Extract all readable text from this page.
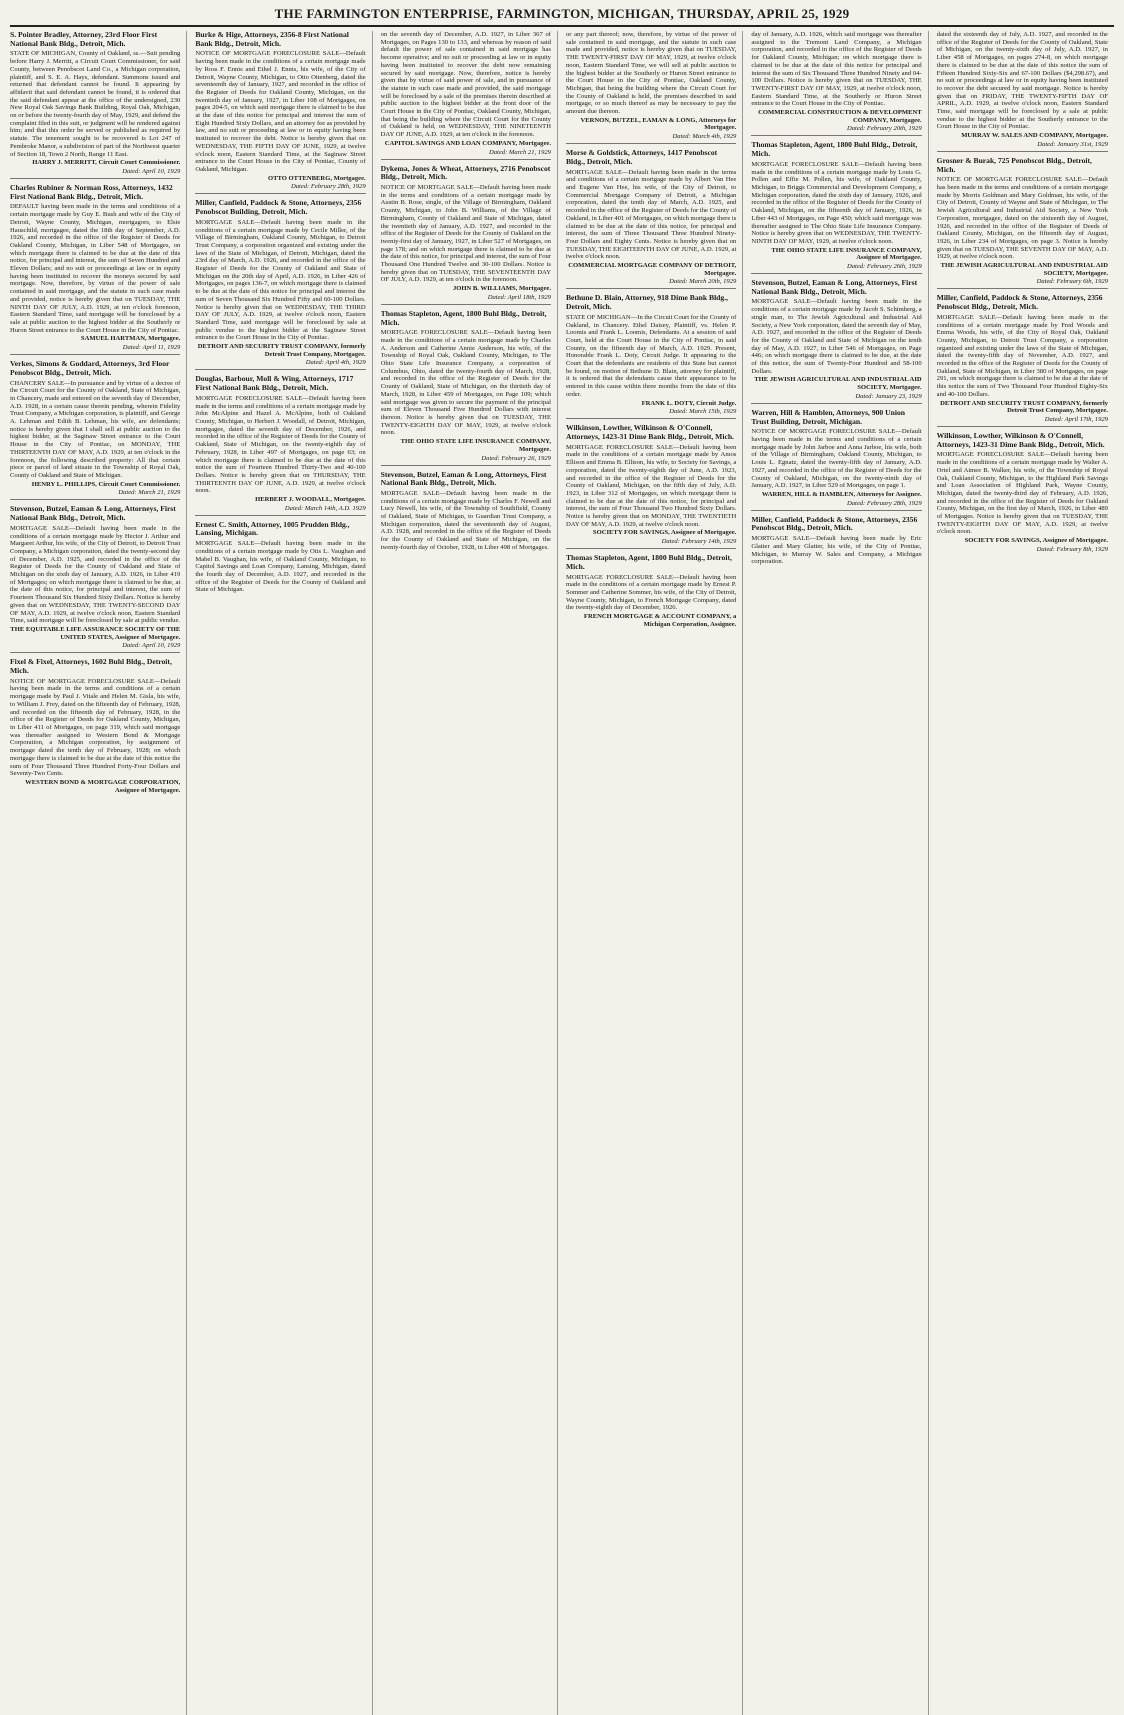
THE FARMINGTON ENTERPRISE, FARMINGTON, MICHIGAN, THURSDAY, APRIL 25, 1929

S. Pointer Bradley, Attorney, 23rd Floor First National Bank Bldg., Detroit, Mich.

STATE OF MICHIGAN, County of Oakland, ss.—Suit pending before Harry J. Merritt, a Circuit Court Commissioner, for said County, between Penobscot Land Co., a Michigan corporation, plaintiff, and S. E. A. Hays, defendant. Summons issued and returned that defendant cannot be found. It appearing by affidavit that said defendant cannot be found, it is ordered that the said defendant appear at the office of the undersigned, 230 New Royal Oak Savings Bank Building, Royal Oak, Michigan, on or before the twenty-fourth day of May, 1929, and defend the complaint filed in this suit, or judgment will be rendered against him; and that this order be served or published as required by statute. The tenement sought to be recovered is Lot 247 of Pembroke Manor, a subdivision of part of the Northwest quarter of Section 18, Town 2 North, Range 11 East.

HARRY J. MERRITT, Circuit Court Commissioner.

Dated: April 10, 1929

Charles Rubiner & Norman Ross, Attorneys, 1432 First National Bank Bldg., Detroit, Mich.

DEFAULT having been made in the terms and conditions of a certain mortgage made by Guy E. Bush and wife of the City of Detroit, Wayne County, Michigan, mortgagors, to Elsie Hauschild, mortgagee, dated the 18th day of September, A.D. 1926, and recorded in the office of the Register of Deeds for Oakland County, Michigan, in Liber 548 of Mortgages, on which mortgage there is claimed to be due at the date of this notice, for principal and interest, the sum of Seven Hundred and Eleven Dollars; and no suit or proceedings at law or in equity having been instituted to recover the moneys secured by said mortgage. Now, therefore, by virtue of the power of sale contained in said mortgage, and the statute in such case made and provided, notice is hereby given that on TUESDAY, THE NINTH DAY OF JULY, A.D. 1929, at ten o'clock forenoon, Eastern Standard Time, said mortgage will be foreclosed by a sale at public auction to the highest bidder at the Southerly or Huron Street entrance to the Court House in the City of Pontiac.

SAMUEL HARTMAN, Mortgagee.

Dated: April 11, 1929

Verkes, Simons & Goddard, Attorneys, 3rd Floor Penobscot Bldg., Detroit, Mich.

CHANCERY SALE—In pursuance and by virtue of a decree of the Circuit Court for the County of Oakland, State of Michigan, in Chancery, made and entered on the seventh day of December, A.D. 1928, in a certain cause therein pending, wherein Fidelity Trust Company, a Michigan corporation, is plaintiff, and George A. Lehman and Edith B. Lehman, his wife, are defendants; notice is hereby given that I shall sell at public auction to the highest bidder, at the Saginaw Street entrance to the Court House in the City of Pontiac, on MONDAY, THE THIRTEENTH DAY OF MAY, A.D. 1929, at ten o'clock in the forenoon, the following described property: All that certain piece or parcel of land situate in the Township of Royal Oak, County of Oakland and State of Michigan.

HENRY L. PHILLIPS, Circuit Court Commissioner.

Dated: March 21, 1929

Stevenson, Butzel, Eaman & Long, Attorneys, First National Bank Bldg., Detroit, Mich.

MORTGAGE SALE—Default having been made in the conditions of a certain mortgage made by Hector J. Arthur and Margaret Arthur, his wife, of the City of Detroit, to Detroit Trust Company, a Michigan corporation, dated the twenty-second day of December, A.D. 1925, and recorded in the office of the Register of Deeds for the County of Oakland and State of Michigan on the sixth day of January, A.D. 1926, in Liber 419 of Mortgages; on which mortgage there is claimed to be due, at the date of this notice, for principal and interest, the sum of Fourteen Thousand Six Hundred Sixty Dollars. Notice is hereby given that on WEDNESDAY, THE TWENTY-SECOND DAY OF MAY, A.D. 1929, at twelve o'clock noon, Eastern Standard Time, said mortgage will be foreclosed by sale at public vendue.

THE EQUITABLE LIFE ASSURANCE SOCIETY OF THE UNITED STATES, Assignee of Mortgagee.

Dated: April 10, 1929

Fixel & Fixel, Attorneys, 1602 Buhl Bldg., Detroit, Mich.

NOTICE OF MORTGAGE FORECLOSURE SALE—Default having been made in the terms and conditions of a certain mortgage made by Paul J. Vitale and Helen M. Gisla, his wife, to William J. Frey, dated on the fifteenth day of February, 1928, and recorded on the fifteenth day of February, 1928, in the office of the Register of Deeds for Oakland County, Michigan, in Liber 411 of Mortgages, on page 319, which said mortgage was thereafter assigned to Western Bond & Mortgage Corporation, a Michigan corporation, by assignment of mortgage dated the tenth day of February, 1928; on which mortgage there is claimed to be due at the date of this notice the sum of Four Thousand Three Hundred Forty-Four Dollars and Seventy-Two Cents.

WESTERN BOND & MORTGAGE CORPORATION, Assignee of Mortgagee.

Burke & Hige, Attorneys, 2356-8 First National Bank Bldg., Detroit, Mich.

NOTICE OF MORTGAGE FORECLOSURE SALE—Default having been made in the conditions of a certain mortgage made by Ross F. Ennis and Ethel J. Ennis, his wife, of the City of Detroit, Wayne County, Michigan, to Otto Ottenberg, dated the seventeenth day of January, 1927, and recorded in the office of the Register of Deeds for Oakland County, Michigan, on the twentieth day of January, 1927, in Liber 108 of Mortgages, on pages 204-5, on which said mortgage there is claimed to be due at the date of this notice for principal and interest the sum of Eight Hundred Sixty Dollars, and an attorney fee as provided by law, and no suit or proceeding at law or in equity having been instituted to recover the debt. Notice is hereby given that on WEDNESDAY, THE FIFTH DAY OF JUNE, 1929, at twelve o'clock noon, Eastern Standard Time, at the Saginaw Street entrance to the Court House in the City of Pontiac, County of Oakland, Michigan.

OTTO OTTENBERG, Mortgagee.

Dated: February 28th, 1929

Miller, Canfield, Paddock & Stone, Attorneys, 2356 Penobscot Building, Detroit, Mich.

MORTGAGE SALE—Default having been made in the conditions of a certain mortgage made by Cecile Miller, of the Village of Birmingham, Oakland County, Michigan, to Detroit Trust Company, a corporation organized and existing under the laws of the State of Michigan, of Detroit, Michigan, dated the 23rd day of March, A.D. 1926, and recorded in the office of the Register of Deeds for the County of Oakland and State of Michigan on the 20th day of April, A.D. 1926, in Liber 426 of Mortgages, on pages 136-7, on which mortgage there is claimed to be due at the date of this notice for principal and interest the sum of Seven Thousand Six Hundred Fifty and 60-100 Dollars. Notice is hereby given that on WEDNESDAY, THE THIRD DAY OF JULY, A.D. 1929, at twelve o'clock noon, Eastern Standard Time, said mortgage will be foreclosed by sale at public vendue to the highest bidder at the Saginaw Street entrance to the Court House in the City of Pontiac.

DETROIT AND SECURITY TRUST COMPANY, formerly Detroit Trust Company, Mortgagee.

Dated: April 4th, 1929

Douglas, Barbour, Moll & Wing, Attorneys, 1717 First National Bank Bldg., Detroit, Mich.

MORTGAGE FORECLOSURE SALE—Default having been made in the terms and conditions of a certain mortgage made by John McAlpine and Hazel A. McAlpine, both of Oakland County, Michigan, to Herbert J. Woodall, of Detroit, Michigan, mortgagee, dated the seventh day of December, 1926, and recorded in the office of the Register of Deeds for the County of Oakland, State of Michigan, on the twenty-eighth day of February, 1928, in Liber 497 of Mortgages, on page 63; on which mortgage there is claimed to be due at the date of this notice the sum of Fourteen Hundred Thirty-Two and 40-100 Dollars. Notice is hereby given that on THURSDAY, THE THIRTEENTH DAY OF JUNE, A.D. 1929, at twelve o'clock noon.

HERBERT J. WOODALL, Mortgagee.

Dated: March 14th, A.D. 1929

Ernest C. Smith, Attorney, 1005 Prudden Bldg., Lansing, Michigan.

MORTGAGE SALE—Default having been made in the conditions of a certain mortgage made by Otis L. Vaughan and Mabel B. Vaughan, his wife, of Oakland County, Michigan, to Capitol Savings and Loan Company, Lansing, Michigan, dated the fourth day of December, A.D. 1927, and recorded in the office of the Register of Deeds for the County of Oakland and State of Michigan.

on the seventh day of December, A.D. 1927, in Liber 367 of Mortgages, on Pages 130 to 133, and whereas by reason of said default the power of sale contained in said mortgage has become operative; and no suit or proceeding at law or in equity having been instituted to recover the debt now remaining secured by said mortgage. Now, therefore, notice is hereby given that by virtue of said power of sale, and in pursuance of the statute in such case made and provided, the said mortgage will be foreclosed by a sale of the premises therein described at public auction to the highest bidder at the front door of the Court House in the City of Pontiac, Oakland County, Michigan, that being the building where the Circuit Court for the County of Oakland is held, on WEDNESDAY, THE NINETEENTH DAY OF JUNE, A.D. 1929, at ten o'clock in the forenoon.

CAPITOL SAVINGS AND LOAN COMPANY, Mortgagee.

Dated: March 21, 1929

Dykema, Jones & Wheat, Attorneys, 2716 Penobscot Bldg., Detroit, Mich.

NOTICE OF MORTGAGE SALE—Default having been made in the terms and conditions of a certain mortgage made by Austin B. Rose, single, of the Village of Birmingham, Oakland County, Michigan, to John B. Williams, of the Village of Birmingham, County of Oakland and State of Michigan, dated the twentieth day of January, A.D. 1927, and recorded in the office of the Register of Deeds for the County of Oakland on the twenty-first day of January, 1927, in Liber 527 of Mortgages, on page 178; and on which mortgage there is claimed to be due at the date of this notice, for principal and interest, the sum of Four Thousand One Hundred Twelve and 30-100 Dollars. Notice is hereby given that on TUESDAY, THE SEVENTEENTH DAY OF JULY, A.D. 1929, at ten o'clock in the forenoon.

JOHN B. WILLIAMS, Mortgagee.

Dated: April 18th, 1929

Thomas Stapleton, Agent, 1800 Buhl Bldg., Detroit, Mich.

MORTGAGE FORECLOSURE SALE—Default having been made in the conditions of a certain mortgage made by Charles A. Anderson and Catherine Annie Anderson, his wife, of the Township of Royal Oak, Oakland County, Michigan, to The Ohio State Life Insurance Company, a corporation of Columbus, Ohio, dated the twenty-fourth day of March, 1928, and recorded in the office of the Register of Deeds for the County of Oakland, State of Michigan, on the thirtieth day of March, 1928, in Liber 459 of Mortgages, on Page 109; which said mortgage was given to secure the payment of the principal sum of Eleven Thousand Five Hundred Dollars with interest thereon. Notice is hereby given that on TUESDAY, THE TWENTY-EIGHTH DAY OF MAY, 1929, at twelve o'clock noon.

THE OHIO STATE LIFE INSURANCE COMPANY, Mortgagee.

Dated: February 26, 1929

Stevenson, Butzel, Eaman & Long, Attorneys, First National Bank Bldg., Detroit, Mich.

MORTGAGE SALE—Default having been made in the conditions of a certain mortgage made by Charles F. Newell and Lucy Newell, his wife, of the Township of Southfield, County of Oakland, State of Michigan, to Guardian Trust Company, a Michigan corporation, dated the seventeenth day of August, A.D. 1928, and recorded in the office of the Register of Deeds for the County of Oakland and State of Michigan, on the twenty-fourth day of October, 1928, in Liber 498 of Mortgages.

or any part thereof; now, therefore, by virtue of the power of sale contained in said mortgage, and the statute in such case made and provided, notice is hereby given that on TUESDAY, THE TWENTY-FIRST DAY OF MAY, 1929, at twelve o'clock noon, Eastern Standard Time, we will sell at public auction to the highest bidder at the Southerly or Huron Street entrance to the Court House in the City of Pontiac, Oakland County, Michigan, that being the building where the Circuit Court for the County of Oakland is held, the premises described in said mortgage, or so much thereof as may be necessary to pay the amount due thereon.

VERNON, BUTZEL, EAMAN & LONG, Attorneys for Mortgagee.

Dated: March 4th, 1929

Morse & Goldstick, Attorneys, 1417 Penobscot Bldg., Detroit, Mich.

MORTGAGE SALE—Default having been made in the terms and conditions of a certain mortgage made by Albert Van Hee and Eugene Van Hee, his wife, of the City of Detroit, to Commercial Mortgage Company of Detroit, a Michigan corporation, dated the tenth day of March, A.D. 1925, and recorded in the office of the Register of Deeds for the County of Oakland, in Liber 401 of Mortgages, on which mortgage there is claimed to be due at the date of this notice, for principal and interest, the sum of Three Thousand Three Hundred Ninety-Four Dollars and Eighty Cents. Notice is hereby given that on TUESDAY, THE EIGHTEENTH DAY OF JUNE, A.D. 1929, at twelve o'clock noon.

COMMERCIAL MORTGAGE COMPANY OF DETROIT, Mortgagee.

Dated: March 20th, 1929

Bethune D. Blain, Attorney, 918 Dime Bank Bldg., Detroit, Mich.

STATE OF MICHIGAN—In the Circuit Court for the County of Oakland, in Chancery. Ethel Daisey, Plaintiff, vs. Helen P. Loomis and Frank L. Loomis, Defendants. At a session of said Court, held at the Court House in the City of Pontiac, in said County, on the fifteenth day of March, A.D. 1929. Present, Honorable Frank L. Doty, Circuit Judge. It appearing to the Court that the defendants are residents of this State but cannot be found, on motion of Bethune D. Blain, attorney for plaintiff, it is ordered that the defendants cause their appearance to be entered in this cause within three months from the date of this order.

FRANK L. DOTY, Circuit Judge.

Dated: March 15th, 1929

Wilkinson, Lowther, Wilkinson & O'Connell, Attorneys, 1423-31 Dime Bank Bldg., Detroit, Mich.

MORTGAGE FORECLOSURE SALE—Default having been made in the conditions of a certain mortgage made by Amos Ellison and Emma B. Ellison, his wife, to Society for Savings, a corporation, dated the twenty-eighth day of June, A.D. 1923, and recorded in the office of the Register of Deeds for the County of Oakland, Michigan, on the fifth day of July, A.D. 1923, in Liber 312 of Mortgages, on which mortgage there is claimed to be due at the date of this notice, for principal and interest, the sum of Four Thousand Two Hundred Sixty Dollars. Notice is hereby given that on MONDAY, THE TWENTIETH DAY OF MAY, A.D. 1929, at twelve o'clock noon.

SOCIETY FOR SAVINGS, Assignee of Mortgagee.

Dated: February 14th, 1929

Thomas Stapleton, Agent, 1800 Buhl Bldg., Detroit, Mich.

MORTGAGE FORECLOSURE SALE—Default having been made in the conditions of a certain mortgage made by Ernest P. Sommer and Catherine Sommer, his wife, of the City of Detroit, Wayne County, Michigan, to French Mortgage Company, dated the twenty-eighth day of December, 1926.

FRENCH MORTGAGE & ACCOUNT COMPANY, a Michigan Corporation, Assignee.

day of January, A.D. 1926, which said mortgage was thereafter assigned to the Tremont Land Company, a Michigan corporation, and recorded in the office of the Register of Deeds for Oakland County, Michigan; on which mortgage there is claimed to be due at the date of this notice for principal and interest the sum of Six Thousand Three Hundred Ninety and 04-100 Dollars. Notice is hereby given that on TUESDAY, THE TWENTY-FIRST DAY OF MAY, 1929, at twelve o'clock noon, Eastern Standard Time, at the Southerly or Huron Street entrance to the Court House in the City of Pontiac.

COMMERCIAL CONSTRUCTION & DEVELOPMENT COMPANY, Mortgagee.

Dated: February 20th, 1929

Thomas Stapleton, Agent, 1800 Buhl Bldg., Detroit, Mich.

MORTGAGE FORECLOSURE SALE—Default having been made in the conditions of a certain mortgage made by Louis G. Pollen and Effie M. Pollen, his wife, of Oakland County, Michigan, to Briggs Commercial and Development Company, a Michigan corporation, dated the sixth day of January, 1926, and recorded in the office of the Register of Deeds for the County of Oakland, Michigan, on the fifteenth day of January, 1926, in Liber 443 of Mortgages, on Page 450; which said mortgage was thereafter assigned to The Ohio State Life Insurance Company. Notice is hereby given that on WEDNESDAY, THE TWENTY-NINTH DAY OF MAY, 1929, at twelve o'clock noon.

THE OHIO STATE LIFE INSURANCE COMPANY, Assignee of Mortgagee.

Dated: February 26th, 1929

Stevenson, Butzel, Eaman & Long, Attorneys, First National Bank Bldg., Detroit, Mich.

MORTGAGE SALE—Default having been made in the conditions of a certain mortgage made by Jacob S. Schimberg, a single man, to The Jewish Agricultural and Industrial Aid Society, a New York corporation, dated the seventh day of May, A.D. 1927, and recorded in the office of the Register of Deeds for the County of Oakland and State of Michigan on the tenth day of May, A.D. 1927, in Liber 546 of Mortgages, on Page 446; on which mortgage there is claimed to be due, at the date of this notice, the sum of Twenty-Four Hundred and 58-100 Dollars.

THE JEWISH AGRICULTURAL AND INDUSTRIAL AID SOCIETY, Mortgagee.

Dated: January 23, 1929

Warren, Hill & Hamblen, Attorneys, 900 Union Trust Building, Detroit, Michigan.

NOTICE OF MORTGAGE FORECLOSURE SALE—Default having been made in the terms and conditions of a certain mortgage made by John Jarboe and Anna Jarboe, his wife, both of the Village of Birmingham, Oakland County, Michigan, to Louis L. Egnatz, dated the twenty-fifth day of January, A.D. 1927, and recorded in the office of the Register of Deeds for the County of Oakland, Michigan, on the twenty-ninth day of January, A.D. 1927, in Liber 529 of Mortgages, on page 1.

WARREN, HILL & HAMBLEN, Attorneys for Assignee.

Dated: February 28th, 1929

Miller, Canfield, Paddock & Stone, Attorneys, 2356 Penobscot Bldg., Detroit, Mich.

MORTGAGE SALE—Default having been made by Eric Glatter and Mary Glatter, his wife, of the City of Pontiac, Michigan, to Murray W. Sales and Company, a Michigan corporation.

dated the sixteenth day of July, A.D. 1927, and recorded in the office of the Register of Deeds for the County of Oakland, State of Michigan, on the twenty-sixth day of July, A.D. 1927, in Liber 458 of Mortgages, on pages 274-8, on which mortgage there is claimed to be due at the date of this notice the sum of Fifteen Hundred Sixty-Six and 67-100 Dollars ($4,298.67), and no suit or proceedings at law or in equity having been instituted to recover the debt secured by said mortgage. Notice is hereby given that on FRIDAY, THE TWENTY-FIFTH DAY OF APRIL, A.D. 1929, at twelve o'clock noon, Eastern Standard Time, said mortgage will be foreclosed by a sale at public vendue to the highest bidder at the Southerly entrance to the Court House in the City of Pontiac.

MURRAY W. SALES AND COMPANY, Mortgagee.

Dated: January 31st, 1929

Grosner & Burak, 725 Penobscot Bldg., Detroit, Mich.

NOTICE OF MORTGAGE FORECLOSURE SALE—Default has been made in the terms and conditions of a certain mortgage made by Morris Goldman and Mary Goldman, his wife, of the City of Detroit, County of Wayne and State of Michigan, to The Jewish Agricultural and Industrial Aid Society, a New York Corporation, mortgagee, dated on the sixteenth day of August, 1926, and recorded in the office of the Register of Deeds of Oakland County, Michigan, on the fifteenth day of August, 1926, in Liber 234 of Mortgages, on page 3. Notice is hereby given that on TUESDAY, THE SEVENTH DAY OF MAY, A.D. 1929, at twelve o'clock noon.

THE JEWISH AGRICULTURAL AND INDUSTRIAL AID SOCIETY, Mortgagee.

Dated: February 6th, 1929

Miller, Canfield, Paddock & Stone, Attorneys, 2356 Penobscot Bldg., Detroit, Mich.

MORTGAGE SALE—Default having been made in the conditions of a certain mortgage made by Fred Woods and Emma Woods, his wife, of the City of Royal Oak, Oakland County, Michigan, to Detroit Trust Company, a corporation organized and existing under the laws of the State of Michigan, dated the twenty-fifth day of November, A.D. 1927, and recorded in the office of the Register of Deeds for the County of Oakland, State of Michigan, in Liber 380 of Mortgages, on page 291, on which mortgage there is claimed to be due at the date of this notice the sum of Two Thousand Four Hundred Eighty-Six and 40-100 Dollars.

DETROIT AND SECURITY TRUST COMPANY, formerly Detroit Trust Company, Mortgagee.

Dated: April 17th, 1929

Wilkinson, Lowther, Wilkinson & O'Connell, Attorneys, 1423-31 Dime Bank Bldg., Detroit, Mich.

MORTGAGE FORECLOSURE SALE—Default having been made in the conditions of a certain mortgage made by Walter A. Ortel and Aimee B. Walker, his wife, of the Township of Royal Oak, Oakland County, Michigan, to the Highland Park Savings and Loan Association of Highland Park, Wayne County, Michigan, dated the twenty-third day of February, A.D. 1926, and recorded in the office of the Register of Deeds for Oakland County, Michigan, on the first day of March, 1926, in Liber 489 of Mortgages. Notice is hereby given that on TUESDAY, THE TWENTY-EIGHTH DAY OF MAY, A.D. 1929, at twelve o'clock noon.

SOCIETY FOR SAVINGS, Assignee of Mortgagee.

Dated: February 8th, 1929
